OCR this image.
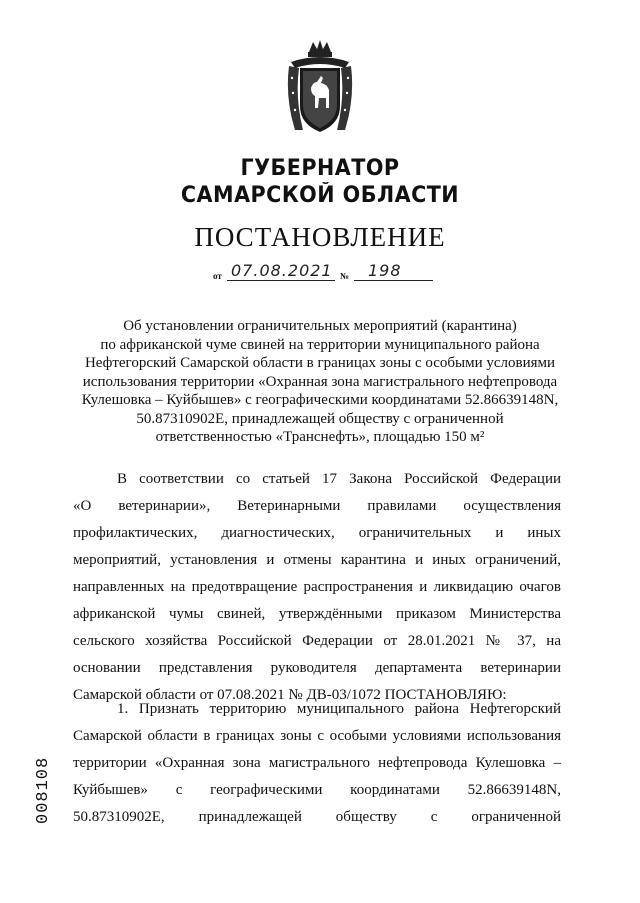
ГУБЕРНАТОР
САМАРСКОЙ ОБЛАСТИ
ПОСТАНОВЛЕНИЕ
от 07.08.2021 № 198
Об установлении ограничительных мероприятий (карантина)
по африканской чуме свиней на территории муниципального района
Нефтегорский Самарской области в границах зоны с особыми условиями
использования территории «Охранная зона магистрального нефтепровода
Кулешовка – Куйбышев» с географическими координатами 52.86639148N,
50.87310902E, принадлежащей обществу с ограниченной
ответственностью «Транснефть», площадью 150 м²
В соответствии со статьей 17 Закона Российской Федерации
«О ветеринарии», Ветеринарными правилами осуществления
профилактических, диагностических, ограничительных и иных
мероприятий, установления и отмены карантина и иных ограничений,
направленных на предотвращение распространения и ликвидацию очагов
африканской чумы свиней, утверждёнными приказом Министерства
сельского хозяйства Российской Федерации от 28.01.2021 № 37, на
основании представления руководителя департамента ветеринарии
Самарской области от 07.08.2021 № ДВ-03/1072 ПОСТАНОВЛЯЮ:
1. Признать территорию муниципального района Нефтегорский
Самарской области в границах зоны с особыми условиями использования
территории «Охранная зона магистрального нефтепровода Кулешовка –
Куйбышев» с географическими координатами 52.86639148N,
50.87310902E, принадлежащей обществу с ограниченной
008108
